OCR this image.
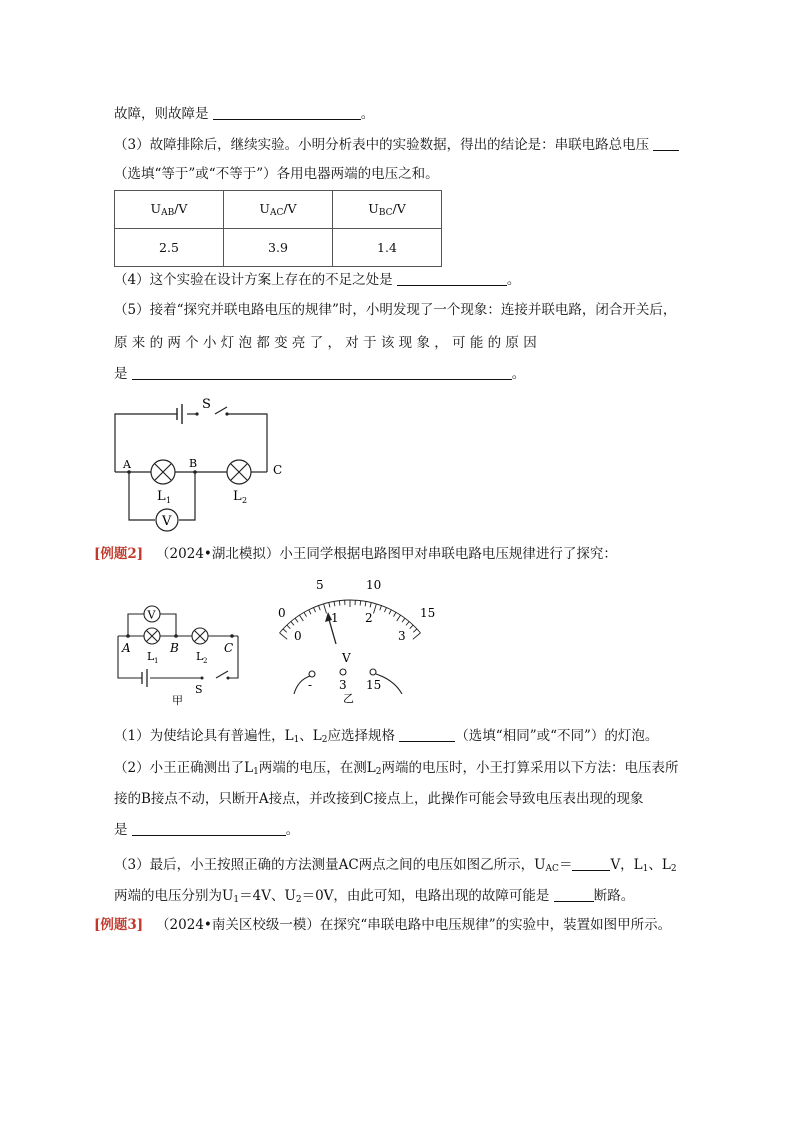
故障，则故障是	。
（3）故障排除后，继续实验。小明分析表中的实验数据，得出的结论是：串联电路总电压
（选填“等于”或“不等于”）各用电器两端的电压之和。
$U_{AB}/V$	$U_{AC}/V$	$U_{BC}/V$
2.5	3.9	1.4
（4）这个实验在设计方案上存在的不足之处是	。
（5）接着“探究并联电路电压的规律”时，小明发现了一个现象：连接并联电路，闭合开关后，
原 来 的 两 个 小 灯 泡 都 变 亮 了 ， 对 于 该 现 象 ， 可 能 的 原 因
是	。
V
S
A	B	C
L 1	L 2
[例题2] （2024•湖北模拟）小王同学根据电路图甲对串联电路电压规律进行了探究：
V
A	B	C
L 1	L 2
S
甲
0
5	10
15
0
1 2
3
V
- 3 15
乙
（1）为使结论具有普遍性，$L_1$、$L_2$应选择规格	（选填“相同”或“不同”）的灯泡。
（2）小王正确测出了$L_1$两端的电压，在测$L_2$两端的电压时，小王打算采用以下方法：电压表所
接的B接点不动，只断开A接点，并改接到C接点上，此操作可能会导致电压表出现的现象
是	。
（3）最后，小王按照正确的方法测量AC两点之间的电压如图乙所示，$U_{AC}=$	V，$L_1$、$L_2$
两端的电压分别为$U_1=4V$、$U_2=0V$，由此可知，电路出现的故障可能是	断路。
[例题3] （2024•南关区校级一模）在探究“串联电路中电压规律”的实验中，装置如图甲所示。
